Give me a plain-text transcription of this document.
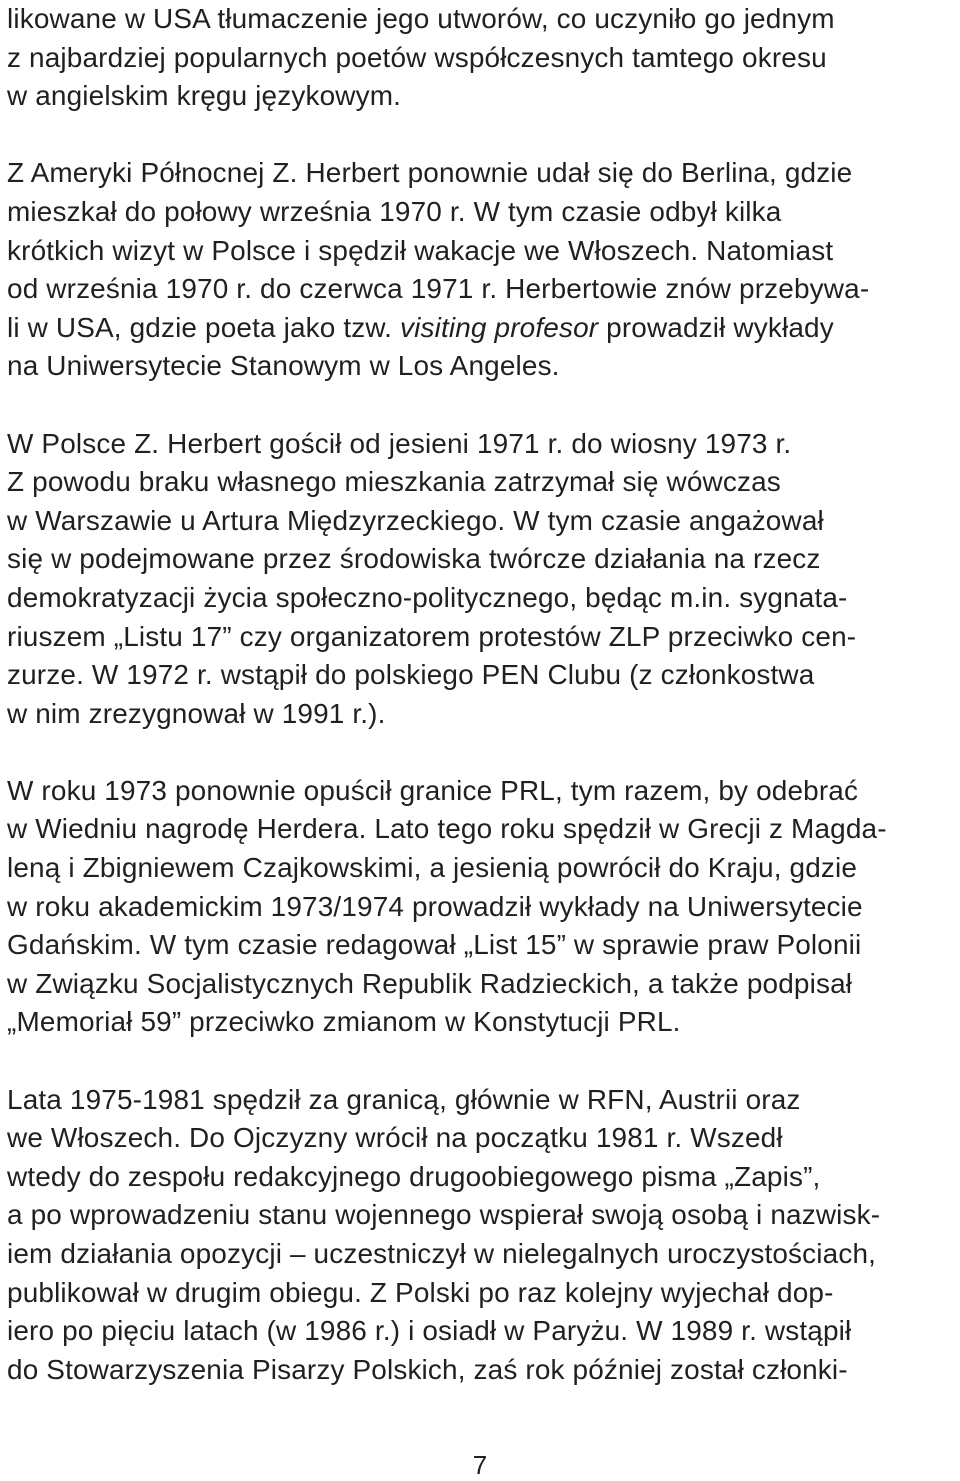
likowane w USA tłumaczenie jego utworów, co uczyniło go jednym
z najbardziej popularnych poetów współczesnych tamtego okresu
w angielskim kręgu językowym.
Z Ameryki Północnej Z. Herbert ponownie udał się do Berlina, gdzie
mieszkał do połowy września 1970 r. W tym czasie odbył kilka
krótkich wizyt w Polsce i spędził wakacje we Włoszech. Natomiast
od września 1970 r. do czerwca 1971 r. Herbertowie znów przebywa-
li w USA, gdzie poeta jako tzw. visiting profesor prowadził wykłady
na Uniwersytecie Stanowym w Los Angeles.
W Polsce Z. Herbert gościł od jesieni 1971 r. do wiosny 1973 r.
Z powodu braku własnego mieszkania zatrzymał się wówczas
w Warszawie u Artura Międzyrzeckiego. W tym czasie angażował
się w podejmowane przez środowiska twórcze działania na rzecz
demokratyzacji życia społeczno-politycznego, będąc m.in. sygnata-
riuszem „Listu 17” czy organizatorem protestów ZLP przeciwko cen-
zurze. W 1972 r. wstąpił do polskiego PEN Clubu (z członkostwa
w nim zrezygnował w 1991 r.).
W roku 1973 ponownie opuścił granice PRL, tym razem, by odebrać
w Wiedniu nagrodę Herdera. Lato tego roku spędził w Grecji z Magda-
leną i Zbigniewem Czajkowskimi, a jesienią powrócił do Kraju, gdzie
w roku akademickim 1973/1974 prowadził wykłady na Uniwersytecie
Gdańskim. W tym czasie redagował „List 15” w sprawie praw Polonii
w Związku Socjalistycznych Republik Radzieckich, a także podpisał
„Memoriał 59” przeciwko zmianom w Konstytucji PRL.
Lata 1975-1981 spędził za granicą, głównie w RFN, Austrii oraz
we Włoszech. Do Ojczyzny wrócił na początku 1981 r. Wszedł
wtedy do zespołu redakcyjnego drugoobiegowego pisma „Zapis”,
a po wprowadzeniu stanu wojennego wspierał swoją osobą i nazwisk-
iem działania opozycji – uczestniczył w nielegalnych uroczystościach,
publikował w drugim obiegu. Z Polski po raz kolejny wyjechał dop-
iero po pięciu latach (w 1986 r.) i osiadł w Paryżu. W 1989 r. wstąpił
do Stowarzyszenia Pisarzy Polskich, zaś rok później został członki-
7
